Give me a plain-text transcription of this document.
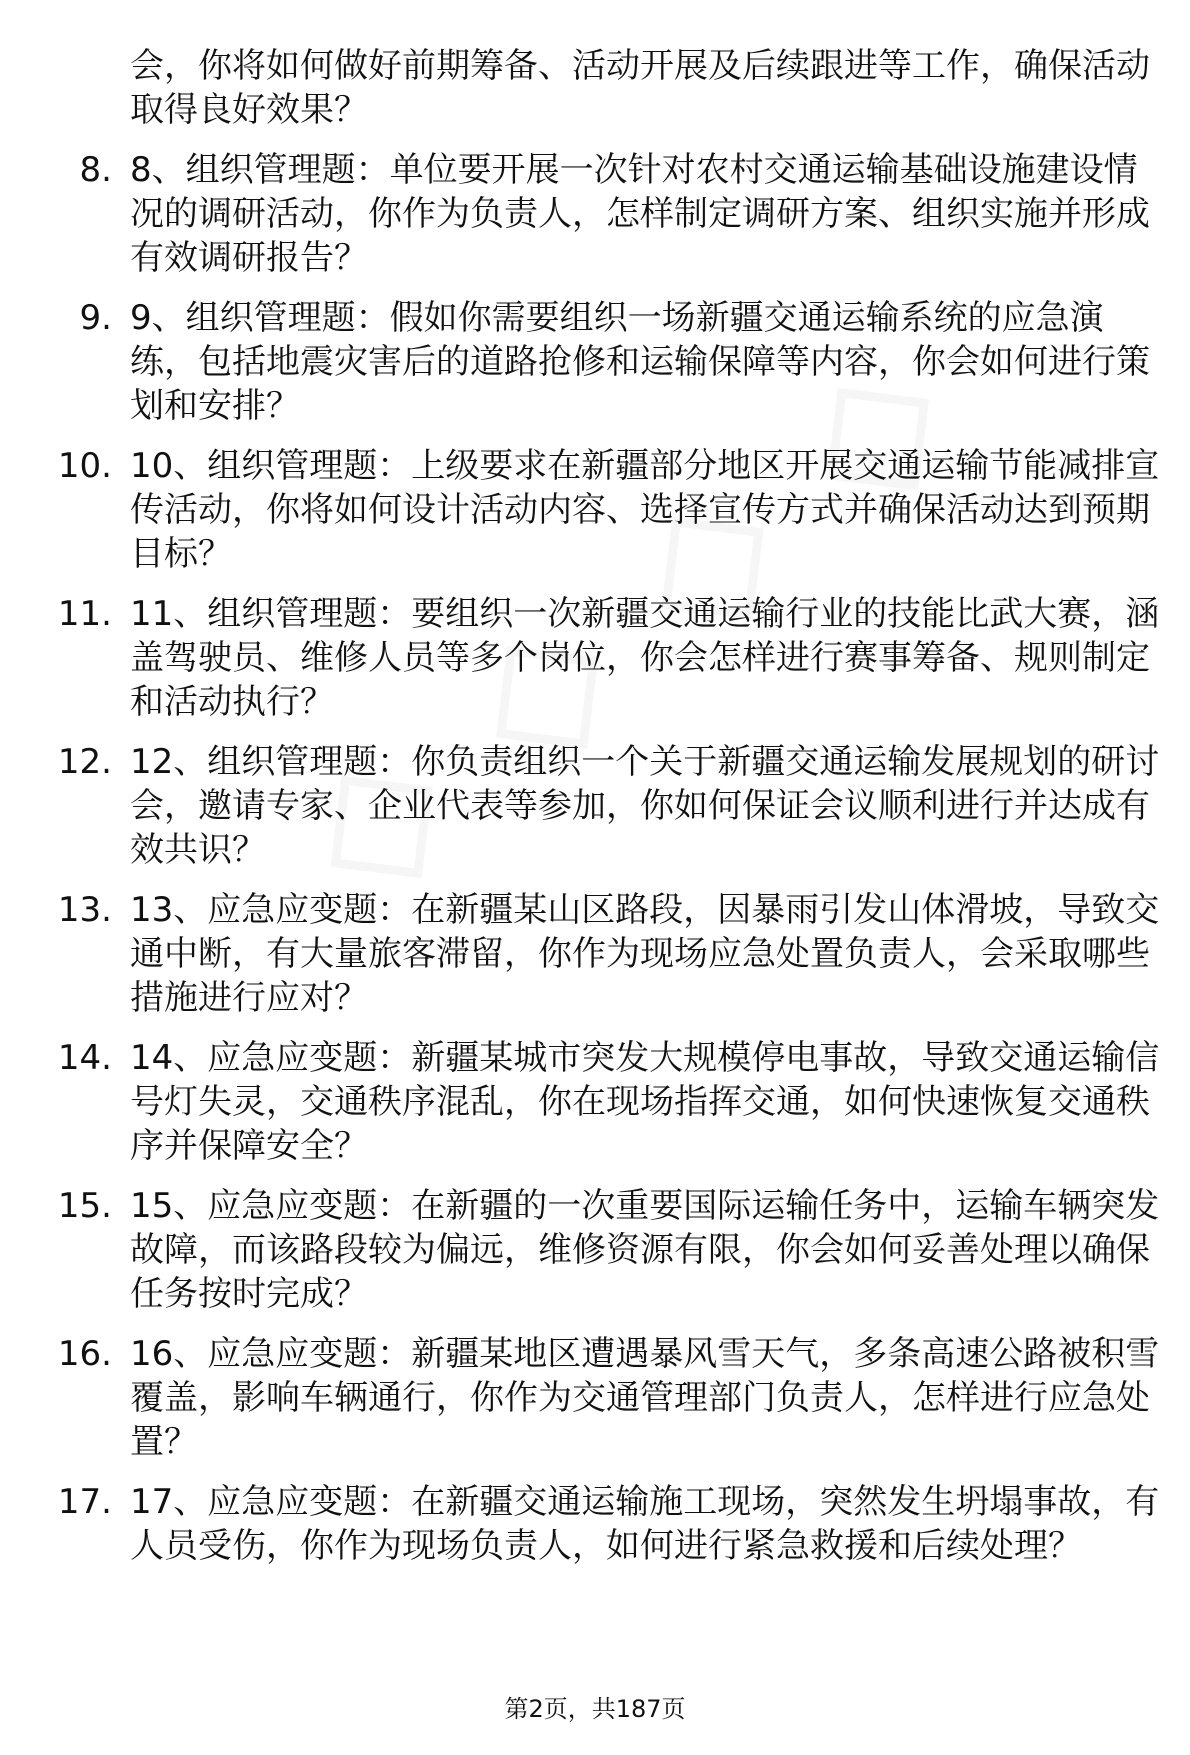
会，你将如何做好前期筹备、活动开展及后续跟进等工作，确保活动取得良好效果？
8. 8、组织管理题：单位要开展一次针对农村交通运输基础设施建设情况的调研活动，你作为负责人，怎样制定调研方案、组织实施并形成有效调研报告？
9. 9、组织管理题：假如你需要组织一场新疆交通运输系统的应急演练，包括地震灾害后的道路抢修和运输保障等内容，你会如何进行策划和安排？
10. 10、组织管理题：上级要求在新疆部分地区开展交通运输节能减排宣传活动，你将如何设计活动内容、选择宣传方式并确保活动达到预期目标？
11. 11、组织管理题：要组织一次新疆交通运输行业的技能比武大赛，涵盖驾驶员、维修人员等多个岗位，你会怎样进行赛事筹备、规则制定和活动执行？
12. 12、组织管理题：你负责组织一个关于新疆交通运输发展规划的研讨会，邀请专家、企业代表等参加，你如何保证会议顺利进行并达成有效共识？
13. 13、应急应变题：在新疆某山区路段，因暴雨引发山体滑坡，导致交通中断，有大量旅客滞留，你作为现场应急处置负责人，会采取哪些措施进行应对？
14. 14、应急应变题：新疆某城市突发大规模停电事故，导致交通运输信号灯失灵，交通秩序混乱，你在现场指挥交通，如何快速恢复交通秩序并保障安全？
15. 15、应急应变题：在新疆的一次重要国际运输任务中，运输车辆突发故障，而该路段较为偏远，维修资源有限，你会如何妥善处理以确保任务按时完成？
16. 16、应急应变题：新疆某地区遭遇暴风雪天气，多条高速公路被积雪覆盖，影响车辆通行，你作为交通管理部门负责人，怎样进行应急处置？
17. 17、应急应变题：在新疆交通运输施工现场，突然发生坍塌事故，有人员受伤，你作为现场负责人，如何进行紧急救援和后续处理？
第2页，共187页
